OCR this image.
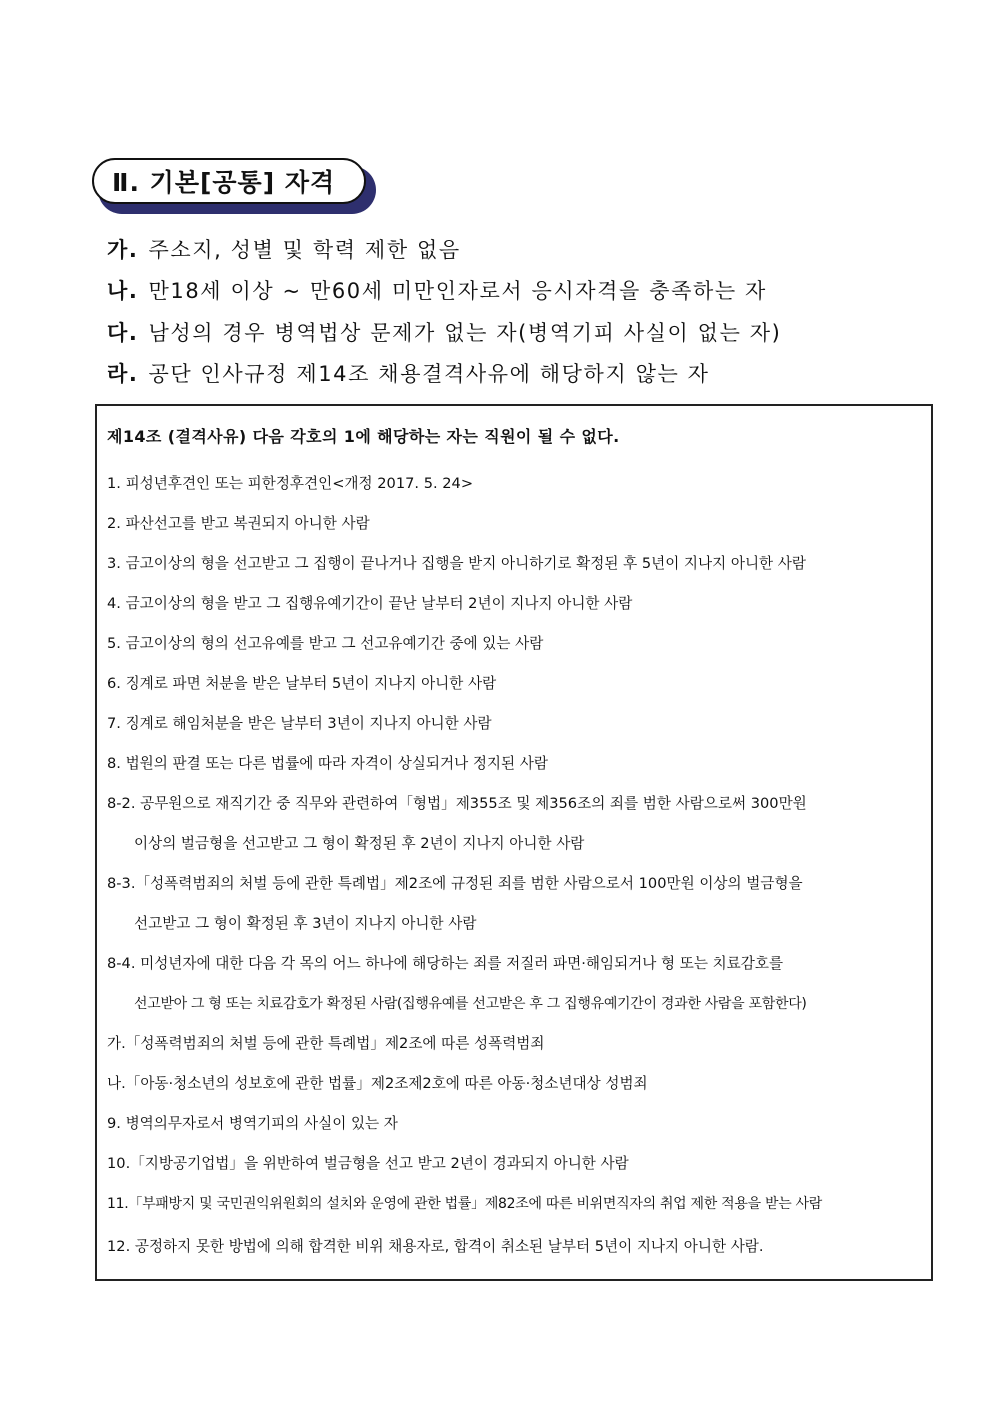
Ⅱ. 기본[공통] 자격
가. 주소지, 성별 및 학력 제한 없음
나. 만18세 이상 ~ 만60세 미만인자로서 응시자격을 충족하는 자
다. 남성의 경우 병역법상 문제가 없는 자(병역기피 사실이 없는 자)
라. 공단 인사규정 제14조 채용결격사유에 해당하지 않는 자
제14조 (결격사유) 다음 각호의 1에 해당하는 자는 직원이 될 수 없다.
1. 피성년후견인 또는 피한정후견인<개정 2017. 5. 24>
2. 파산선고를 받고 복권되지 아니한 사람
3. 금고이상의 형을 선고받고 그 집행이 끝나거나 집행을 받지 아니하기로 확정된 후 5년이 지나지 아니한 사람
4. 금고이상의 형을 받고 그 집행유예기간이 끝난 날부터 2년이 지나지 아니한 사람
5. 금고이상의 형의 선고유예를 받고 그 선고유예기간 중에 있는 사람
6. 징계로 파면 처분을 받은 날부터 5년이 지나지 아니한 사람
7. 징계로 해임처분을 받은 날부터 3년이 지나지 아니한 사람
8. 법원의 판결 또는 다른 법률에 따라 자격이 상실되거나 정지된 사람
8-2. 공무원으로 재직기간 중 직무와 관련하여「형법」제355조 및 제356조의 죄를 범한 사람으로써 300만원
이상의 벌금형을 선고받고 그 형이 확정된 후 2년이 지나지 아니한 사람
8-3.「성폭력범죄의 처벌 등에 관한 특례법」제2조에 규정된 죄를 범한 사람으로서 100만원 이상의 벌금형을
선고받고 그 형이 확정된 후 3년이 지나지 아니한 사람
8-4. 미성년자에 대한 다음 각 목의 어느 하나에 해당하는 죄를 저질러 파면·해임되거나 형 또는 치료감호를
선고받아 그 형 또는 치료감호가 확정된 사람(집행유예를 선고받은 후 그 집행유예기간이 경과한 사람을 포함한다)
가.「성폭력범죄의 처벌 등에 관한 특례법」제2조에 따른 성폭력범죄
나.「아동·청소년의 성보호에 관한 법률」제2조제2호에 따른 아동·청소년대상 성범죄
9. 병역의무자로서 병역기피의 사실이 있는 자
10.「지방공기업법」을 위반하여 벌금형을 선고 받고 2년이 경과되지 아니한 사람
11.「부패방지 및 국민권익위원회의 설치와 운영에 관한 법률」제82조에 따른 비위면직자의 취업 제한 적용을 받는 사람
12. 공정하지 못한 방법에 의해 합격한 비위 채용자로, 합격이 취소된 날부터 5년이 지나지 아니한 사람.
